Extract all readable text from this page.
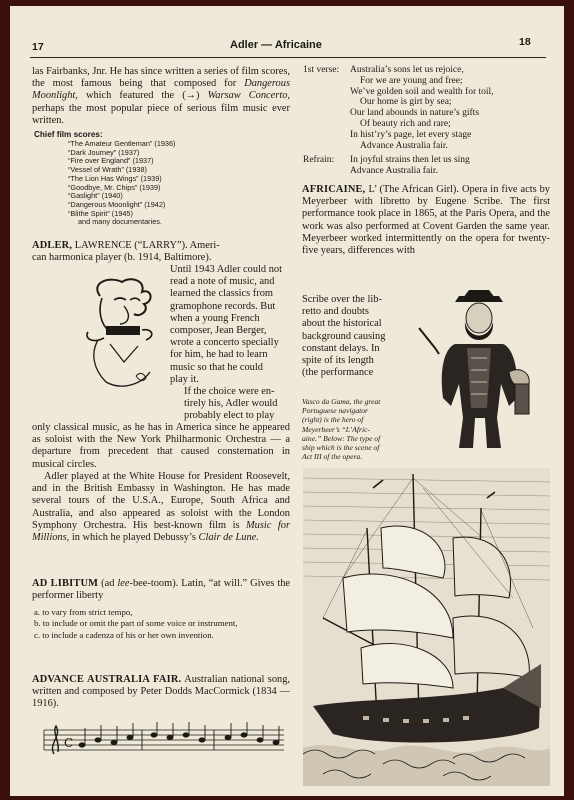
17	Adler — Africaine	18

las Fairbanks, Jnr. He has since written a series of film scores, the most famous being that composed for Dangerous Moonlight, which featured the (→) Warsaw Concerto, perhaps the most popular piece of serious film music ever written.

Chief film scores:
“The Amateur Gentleman” (1936)
“Dark Journey” (1937)
“Fire over England” (1937)
“Vessel of Wrath” (1938)
“The Lion Has Wings” (1939)
“Goodbye, Mr. Chips” (1939)
“Gaslight” (1940)
“Dangerous Moonlight” (1942)
“Blithe Spirit” (1945)
and many documentaries.
ADLER, LAWRENCE (“LARRY”). Ameri-
can harmonica player (b. 1914, Baltimore).
Until 1943 Adler could not
read a note of music, and
learned the classics from
gramophone records. But
when a young French
composer, Jean Berger,
wrote a concerto specially
for him, he had to learn
music so that he could
play it.
If the choice were en-
tirely his, Adler would
probably elect to play

only classical music, as he has in America since he appeared as soloist with the New York Philharmonic Orchestra — a departure from precedent that caused consternation in musical circles.

Adler played at the White House for President Roosevelt, and in the British Embassy in Washington. He has made several tours of the U.S.A., Europe, South Africa and Australia, and also appeared as soloist with the London Symphony Orchestra. His best-known film is Music for Millions, in which he played Debussy’s Clair de Lune.

AD LIBITUM (ad lee-bee-toom). Latin, “at will.” Gives the performer liberty

a. to vary from strict tempo,
b. to include or omit the part of some voice or instrument,
c. to include a cadenza of his or her own invention.

ADVANCE AUSTRALIA FAIR. Australian national song, written and composed by Peter Dodds MacCormick (1834 — 1916).

C
1st verse: Australia’s sons let us rejoice,
For we are young and free;
We’ve golden soil and wealth for toil,
Our home is girt by sea;
Our land abounds in nature’s gifts
Of beauty rich and rare;
In hist’ry’s page, let every stage
Advance Australia fair.
Refrain: In joyful strains then let us sing
Advance Australia fair.

AFRICAINE, L’ (The African Girl). Opera in five acts by Meyerbeer with libretto by Eugene Scribe. The first performance took place in 1865, at the Paris Opera, and the work was also performed at Covent Garden the same year. Meyerbeer worked intermittently on the opera for twenty-five years, differences with

Scribe over the lib-
retto and doubts
about the historical
background causing
constant delays. In
spite of its length
(the performance
Vasco da Gama, the great
Portuguese navigator
(right) is the hero of
Meyerbeer’s “L’Afric-
aine.” Below: The type of
ship which is the scene of
Act III of the opera.
